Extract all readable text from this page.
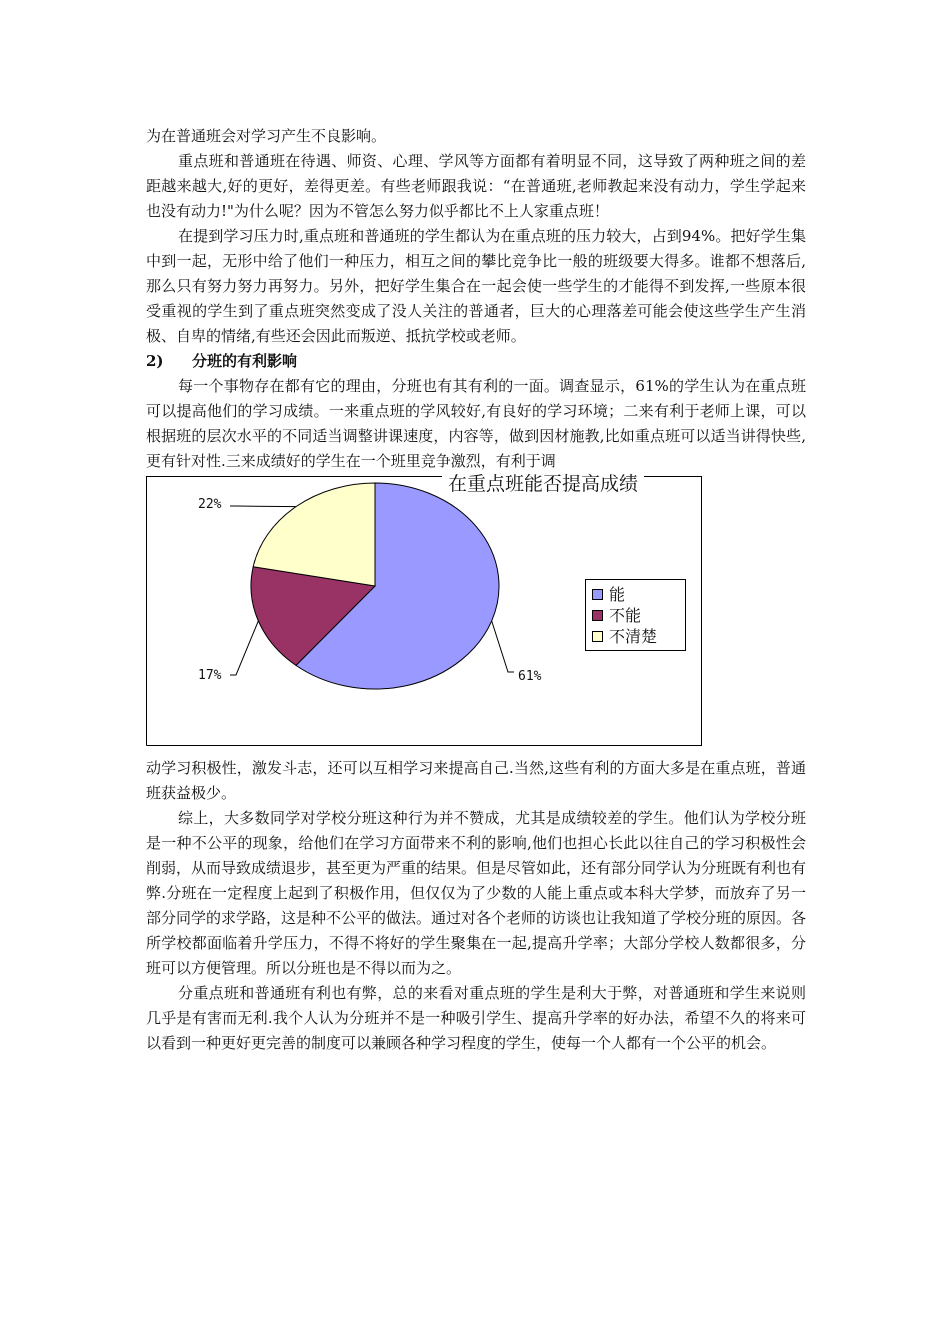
为在普通班会对学习产生不良影响。

重点班和普通班在待遇、师资、心理、学风等方面都有着明显不同，这导致了两种班之间的差距越来越大,好的更好，差得更差。有些老师跟我说：“在普通班,老师教起来没有动力，学生学起来也没有动力!"为什么呢？因为不管怎么努力似乎都比不上人家重点班！

在提到学习压力时,重点班和普通班的学生都认为在重点班的压力较大，占到94%。把好学生集中到一起，无形中给了他们一种压力，相互之间的攀比竞争比一般的班级要大得多。谁都不想落后,那么只有努力努力再努力。另外，把好学生集合在一起会使一些学生的才能得不到发挥,一些原本很受重视的学生到了重点班突然变成了没人关注的普通者，巨大的心理落差可能会使这些学生产生消极、自卑的情绪,有些还会因此而叛逆、抵抗学校或老师。

2) 分班的有利影响

每一个事物存在都有它的理由，分班也有其有利的一面。调查显示，61%的学生认为在重点班可以提高他们的学习成绩。一来重点班的学风较好,有良好的学习环境；二来有利于老师上课，可以根据班的层次水平的不同适当调整讲课速度，内容等，做到因材施教,比如重点班可以适当讲得快些,更有针对性.三来成绩好的学生在一个班里竞争激烈，有利于调

在重点班能否提高成绩
61%
17%
22%
能
不能
不清楚

动学习积极性，激发斗志，还可以互相学习来提高自己.当然,这些有利的方面大多是在重点班，普通班获益极少。

综上，大多数同学对学校分班这种行为并不赞成，尤其是成绩较差的学生。他们认为学校分班是一种不公平的现象，给他们在学习方面带来不利的影响,他们也担心长此以往自己的学习积极性会削弱，从而导致成绩退步，甚至更为严重的结果。但是尽管如此，还有部分同学认为分班既有利也有弊.分班在一定程度上起到了积极作用，但仅仅为了少数的人能上重点或本科大学梦，而放弃了另一部分同学的求学路，这是种不公平的做法。通过对各个老师的访谈也让我知道了学校分班的原因。各所学校都面临着升学压力，不得不将好的学生聚集在一起,提高升学率；大部分学校人数都很多，分班可以方便管理。所以分班也是不得以而为之。

分重点班和普通班有利也有弊，总的来看对重点班的学生是利大于弊，对普通班和学生来说则几乎是有害而无利.我个人认为分班并不是一种吸引学生、提高升学率的好办法，希望不久的将来可以看到一种更好更完善的制度可以兼顾各种学习程度的学生，使每一个人都有一个公平的机会。
